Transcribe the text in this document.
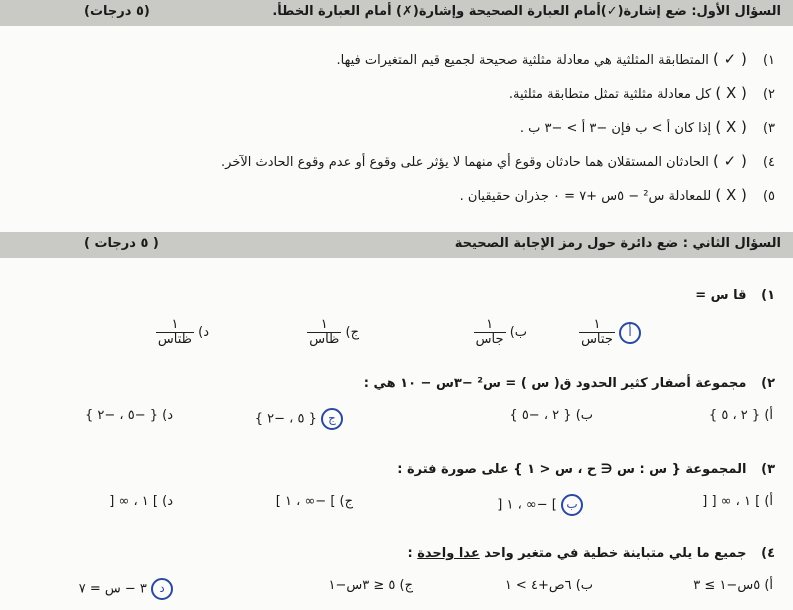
السؤال الأول: ضع إشارة(✓)أمام العبارة الصحيحة وإشارة(✗) أمام العبارة الخطأ.
(٥ درجات)
١) ( ✓ ) المتطابقة المثلثية هي معادلة مثلثية صحيحة لجميع قيم المتغيرات فيها.
٢) ( X ) كل معادلة مثلثية تمثل متطابقة مثلثية.
٣) ( X ) إذا كان أ > ب فإن −٣ أ > −٣ ب .
٤) ( ✓ ) الحادثان المستقلان هما حادثان وقوع أي منهما لا يؤثر على وقوع أو عدم وقوع الحادث الآخر.
٥) ( X ) للمعادلة س² − ٥س +٧ = ٠ جذران حقيقيان .
السؤال الثاني : ضع دائرة حول رمز الإجابة الصحيحة
( ٥ درجات )
١) قا س =
أ
$\frac{١}{\text{جتاس}}$
ب)
$\frac{١}{\text{جاس}}$
ج)
$\frac{١}{\text{ظاس}}$
د)
$\frac{١}{\text{ظتاس}}$
٢) مجموعة أصفار كثير الحدود ق( س ) = س² −٣س − ١٠ هي :
أ) { ٢ ، ٥ }
ب) { ٢ ، −٥ }
ج { ٥ ، −٢ }
د) { −٥ ، −٢ }
٣) المجموعة { س : س ∈ ح ، س < ١ } على صورة فترة :
أ) ] ١ ، ∞ [ [
ب ] −∞ ، ١ [
ج) ] −∞ ، ١ ]
د) ] ١ ، ∞ [
٤) جميع ما يلي متباينة خطية في متغير واحد عدا واحدة :
أ) ٥س−١ ≥ ٣
ب) ٦ص+٤ > ١
ج) ٥ ≤ ٣س−١
د ٣ − س = ٧
